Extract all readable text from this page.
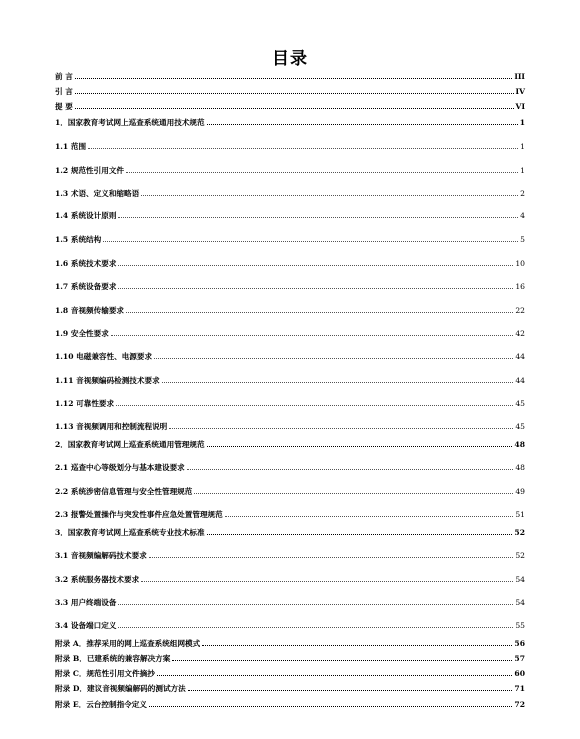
目录
前 言	III
引 言	IV
提 要	VI
1．国家教育考试网上巡查系统通用技术规范	1
1.1 范围	1
1.2 规范性引用文件	1
1.3 术语、定义和缩略语	2
1.4 系统设计原则	4
1.5 系统结构	5
1.6 系统技术要求	10
1.7 系统设备要求	16
1.8 音视频传输要求	22
1.9 安全性要求	42
1.10 电磁兼容性、电源要求	44
1.11 音视频编码检测技术要求	44
1.12 可靠性要求	45
1.13 音视频调用和控制流程说明	45
2．国家教育考试网上巡查系统通用管理规范	48
2.1 巡查中心等级划分与基本建设要求	48
2.2 系统涉密信息管理与安全性管理规范	49
2.3 报警处置操作与突发性事件应急处置管理规范	51
3．国家教育考试网上巡查系统专业技术标准	52
3.1 音视频编解码技术要求	52
3.2 系统服务器技术要求	54
3.3 用户终端设备	54
3.4 设备端口定义	55
附录 A．推荐采用的网上巡查系统组网模式	56
附录 B．已建系统的兼容解决方案	57
附录 C．规范性引用文件摘抄	60
附录 D．建议音视频编解码的测试方法	71
附录 E．云台控制指令定义	72
